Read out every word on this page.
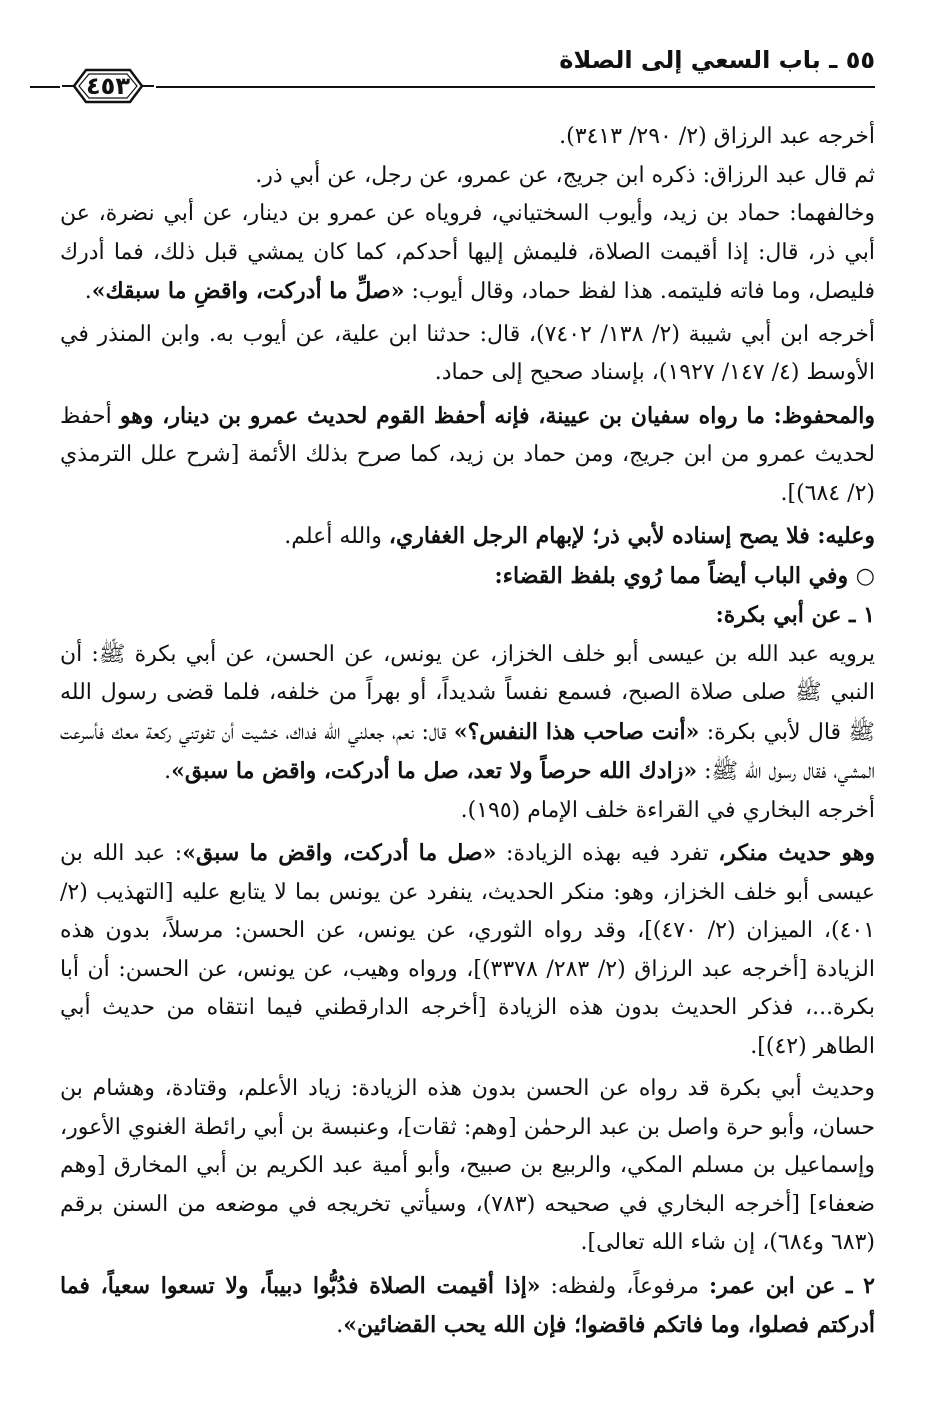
٥٥ ـ باب السعي إلى الصلاة
٤٥٣

أخرجه عبد الرزاق (٢/ ٢٩٠/ ٣٤١٣).

ثم قال عبد الرزاق: ذكره ابن جريج، عن عمرو، عن رجل، عن أبي ذر.

وخالفهما: حماد بن زيد، وأيوب السختياني، فروياه عن عمرو بن دينار، عن أبي نضرة، عن أبي ذر، قال: إذا أقيمت الصلاة، فليمش إليها أحدكم، كما كان يمشي قبل ذلك، فما أدرك فليصل، وما فاته فليتمه. هذا لفظ حماد، وقال أيوب: «صلِّ ما أدركت، واقضِ ما سبقك».

أخرجه ابن أبي شيبة (٢/ ١٣٨/ ٧٤٠٢)، قال: حدثنا ابن علية، عن أيوب به. وابن المنذر في الأوسط (٤/ ١٤٧/ ١٩٢٧)، بإسناد صحيح إلى حماد.

والمحفوظ: ما رواه سفيان بن عيينة، فإنه أحفظ القوم لحديث عمرو بن دينار، وهو أحفظ لحديث عمرو من ابن جريج، ومن حماد بن زيد، كما صرح بذلك الأئمة [شرح علل الترمذي (٢/ ٦٨٤)].

وعليه: فلا يصح إسناده لأبي ذر؛ لإبهام الرجل الغفاري، والله أعلم.

○ وفي الباب أيضاً مما رُوي بلفظ القضاء:

١ ـ عن أبي بكرة:

يرويه عبد الله بن عيسى أبو خلف الخزاز، عن يونس، عن الحسن، عن أبي بكرة ﷺ: أن النبي ﷺ صلى صلاة الصبح، فسمع نفساً شديداً، أو بهراً من خلفه، فلما قضى رسول الله ﷺ قال لأبي بكرة: «أنت صاحب هذا النفس؟» قال: نعم، جعلني الله فداك، خشيت أن تفوتني ركعة معك فأسرعت المشي، فقال رسول الله ﷺ: «زادك الله حرصاً ولا تعد، صل ما أدركت، واقض ما سبق».

أخرجه البخاري في القراءة خلف الإمام (١٩٥).

وهو حديث منكر، تفرد فيه بهذه الزيادة: «صل ما أدركت، واقض ما سبق»: عبد الله بن عيسى أبو خلف الخزاز، وهو: منكر الحديث، ينفرد عن يونس بما لا يتابع عليه [التهذيب (٢/ ٤٠١)، الميزان (٢/ ٤٧٠)]، وقد رواه الثوري، عن يونس، عن الحسن: مرسلاً، بدون هذه الزيادة [أخرجه عبد الرزاق (٢/ ٢٨٣/ ٣٣٧٨)]، ورواه وهيب، عن يونس، عن الحسن: أن أبا بكرة...، فذكر الحديث بدون هذه الزيادة [أخرجه الدارقطني فيما انتقاه من حديث أبي الطاهر (٤٢)].

وحديث أبي بكرة قد رواه عن الحسن بدون هذه الزيادة: زياد الأعلم، وقتادة، وهشام بن حسان، وأبو حرة واصل بن عبد الرحمٰن [وهم: ثقات]، وعنبسة بن أبي رائطة الغنوي الأعور، وإسماعيل بن مسلم المكي، والربيع بن صبيح، وأبو أمية عبد الكريم بن أبي المخارق [وهم ضعفاء] [أخرجه البخاري في صحيحه (٧٨٣)، وسيأتي تخريجه في موضعه من السنن برقم (٦٨٣ و٦٨٤)، إن شاء الله تعالى].

٢ ـ عن ابن عمر: مرفوعاً، ولفظه: «إذا أقيمت الصلاة فدُبُّوا دبيباً، ولا تسعوا سعياً، فما أدركتم فصلوا، وما فاتكم فاقضوا؛ فإن الله يحب القضائين».
